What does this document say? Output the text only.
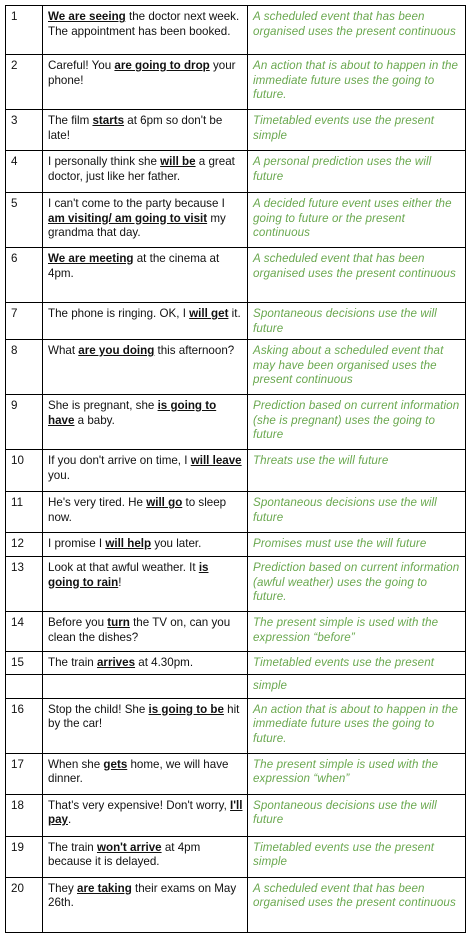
1	We are seeing the doctor next week. The appointment has been booked.	A scheduled event that has been organised uses the present continuous
2	Careful! You are going to drop your phone!	An action that is about to happen in the immediate future uses the going to future.
3	The film starts at 6pm so don't be late!	Timetabled events use the present simple
4	I personally think she will be a great doctor, just like her father.	A personal prediction uses the will future
5	I can't come to the party because I am visiting/ am going to visit my grandma that day.	A decided future event uses either the going to future or the present continuous
6	We are meeting at the cinema at 4pm.	A scheduled event that has been organised uses the present continuous
7	The phone is ringing. OK, I will get it.	Spontaneous decisions use the will future
8	What are you doing this afternoon?	Asking about a scheduled event that may have been organised uses the present continuous
9	She is pregnant, she is going to have a baby.	Prediction based on current information (she is pregnant) uses the going to future
10	If you don't arrive on time, I will leave you.	Threats use the will future
11	He's very tired. He will go to sleep now.	Spontaneous decisions use the will future
12	I promise I will help you later.	Promises must use the will future
13	Look at that awful weather. It is going to rain!	Prediction based on current information (awful weather) uses the going to future.
14	Before you turn the TV on, can you clean the dishes?	The present simple is used with the expression “before”
15	The train arrives at 4.30pm.	Timetabled events use the present
		simple
16	Stop the child! She is going to be hit by the car!	An action that is about to happen in the immediate future uses the going to future.
17	When she gets home, we will have dinner.	The present simple is used with the expression “when”
18	That's very expensive! Don't worry, I'll pay.	Spontaneous decisions use the will future
19	The train won't arrive at 4pm because it is delayed.	Timetabled events use the present simple
20	They are taking their exams on May 26th.	A scheduled event that has been organised uses the present continuous
